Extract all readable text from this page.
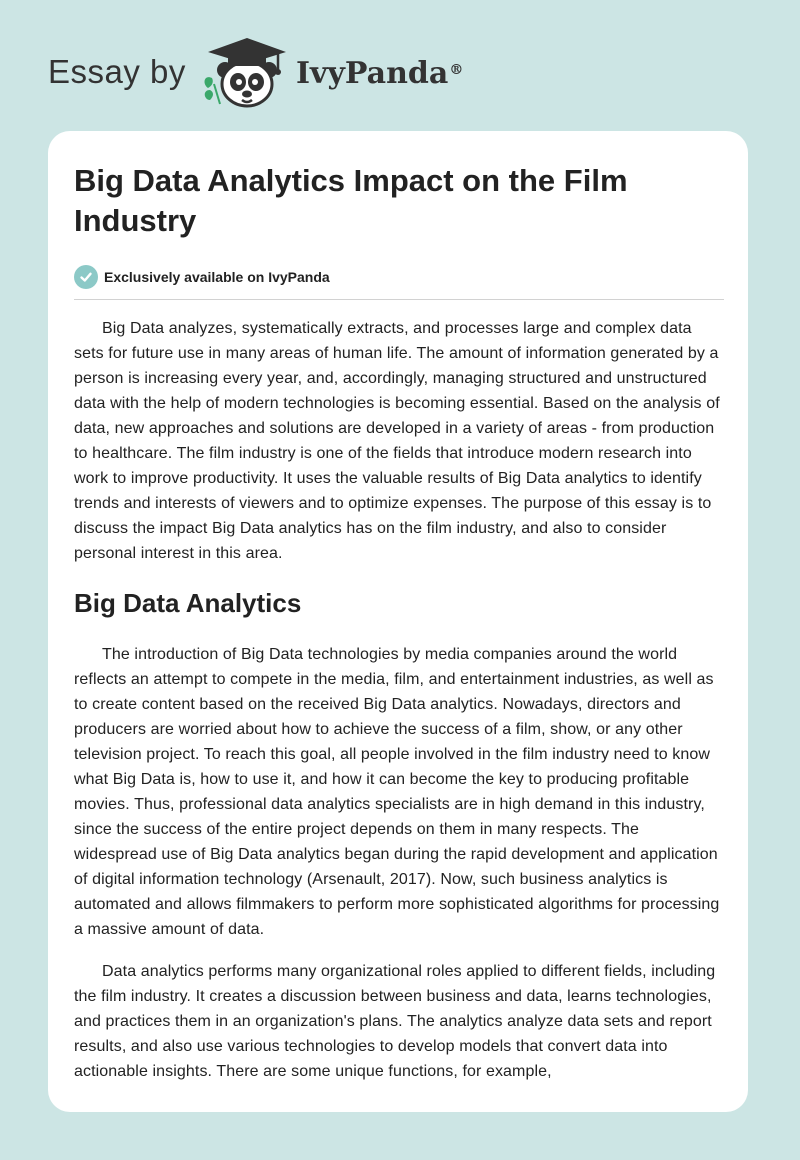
Essay by	IvyPanda®
Big Data Analytics Impact on the Film Industry
Exclusively available on IvyPanda

Big Data analyzes, systematically extracts, and processes large and complex data sets for future use in many areas of human life. The amount of information generated by a person is increasing every year, and, accordingly, managing structured and unstructured data with the help of modern technologies is becoming essential. Based on the analysis of data, new approaches and solutions are developed in a variety of areas - from production to healthcare. The film industry is one of the fields that introduce modern research into work to improve productivity. It uses the valuable results of Big Data analytics to identify trends and interests of viewers and to optimize expenses. The purpose of this essay is to discuss the impact Big Data analytics has on the film industry, and also to consider personal interest in this area.

Big Data Analytics

The introduction of Big Data technologies by media companies around the world reflects an attempt to compete in the media, film, and entertainment industries, as well as to create content based on the received Big Data analytics. Nowadays, directors and producers are worried about how to achieve the success of a film, show, or any other television project. To reach this goal, all people involved in the film industry need to know what Big Data is, how to use it, and how it can become the key to producing profitable movies. Thus, professional data analytics specialists are in high demand in this industry, since the success of the entire project depends on them in many respects. The widespread use of Big Data analytics began during the rapid development and application of digital information technology (Arsenault, 2017). Now, such business analytics is automated and allows filmmakers to perform more sophisticated algorithms for processing a massive amount of data.

Data analytics performs many organizational roles applied to different fields, including the film industry. It creates a discussion between business and data, learns technologies, and practices them in an organization's plans. The analytics analyze data sets and report results, and also use various technologies to develop models that convert data into actionable insights. There are some unique functions, for example,
